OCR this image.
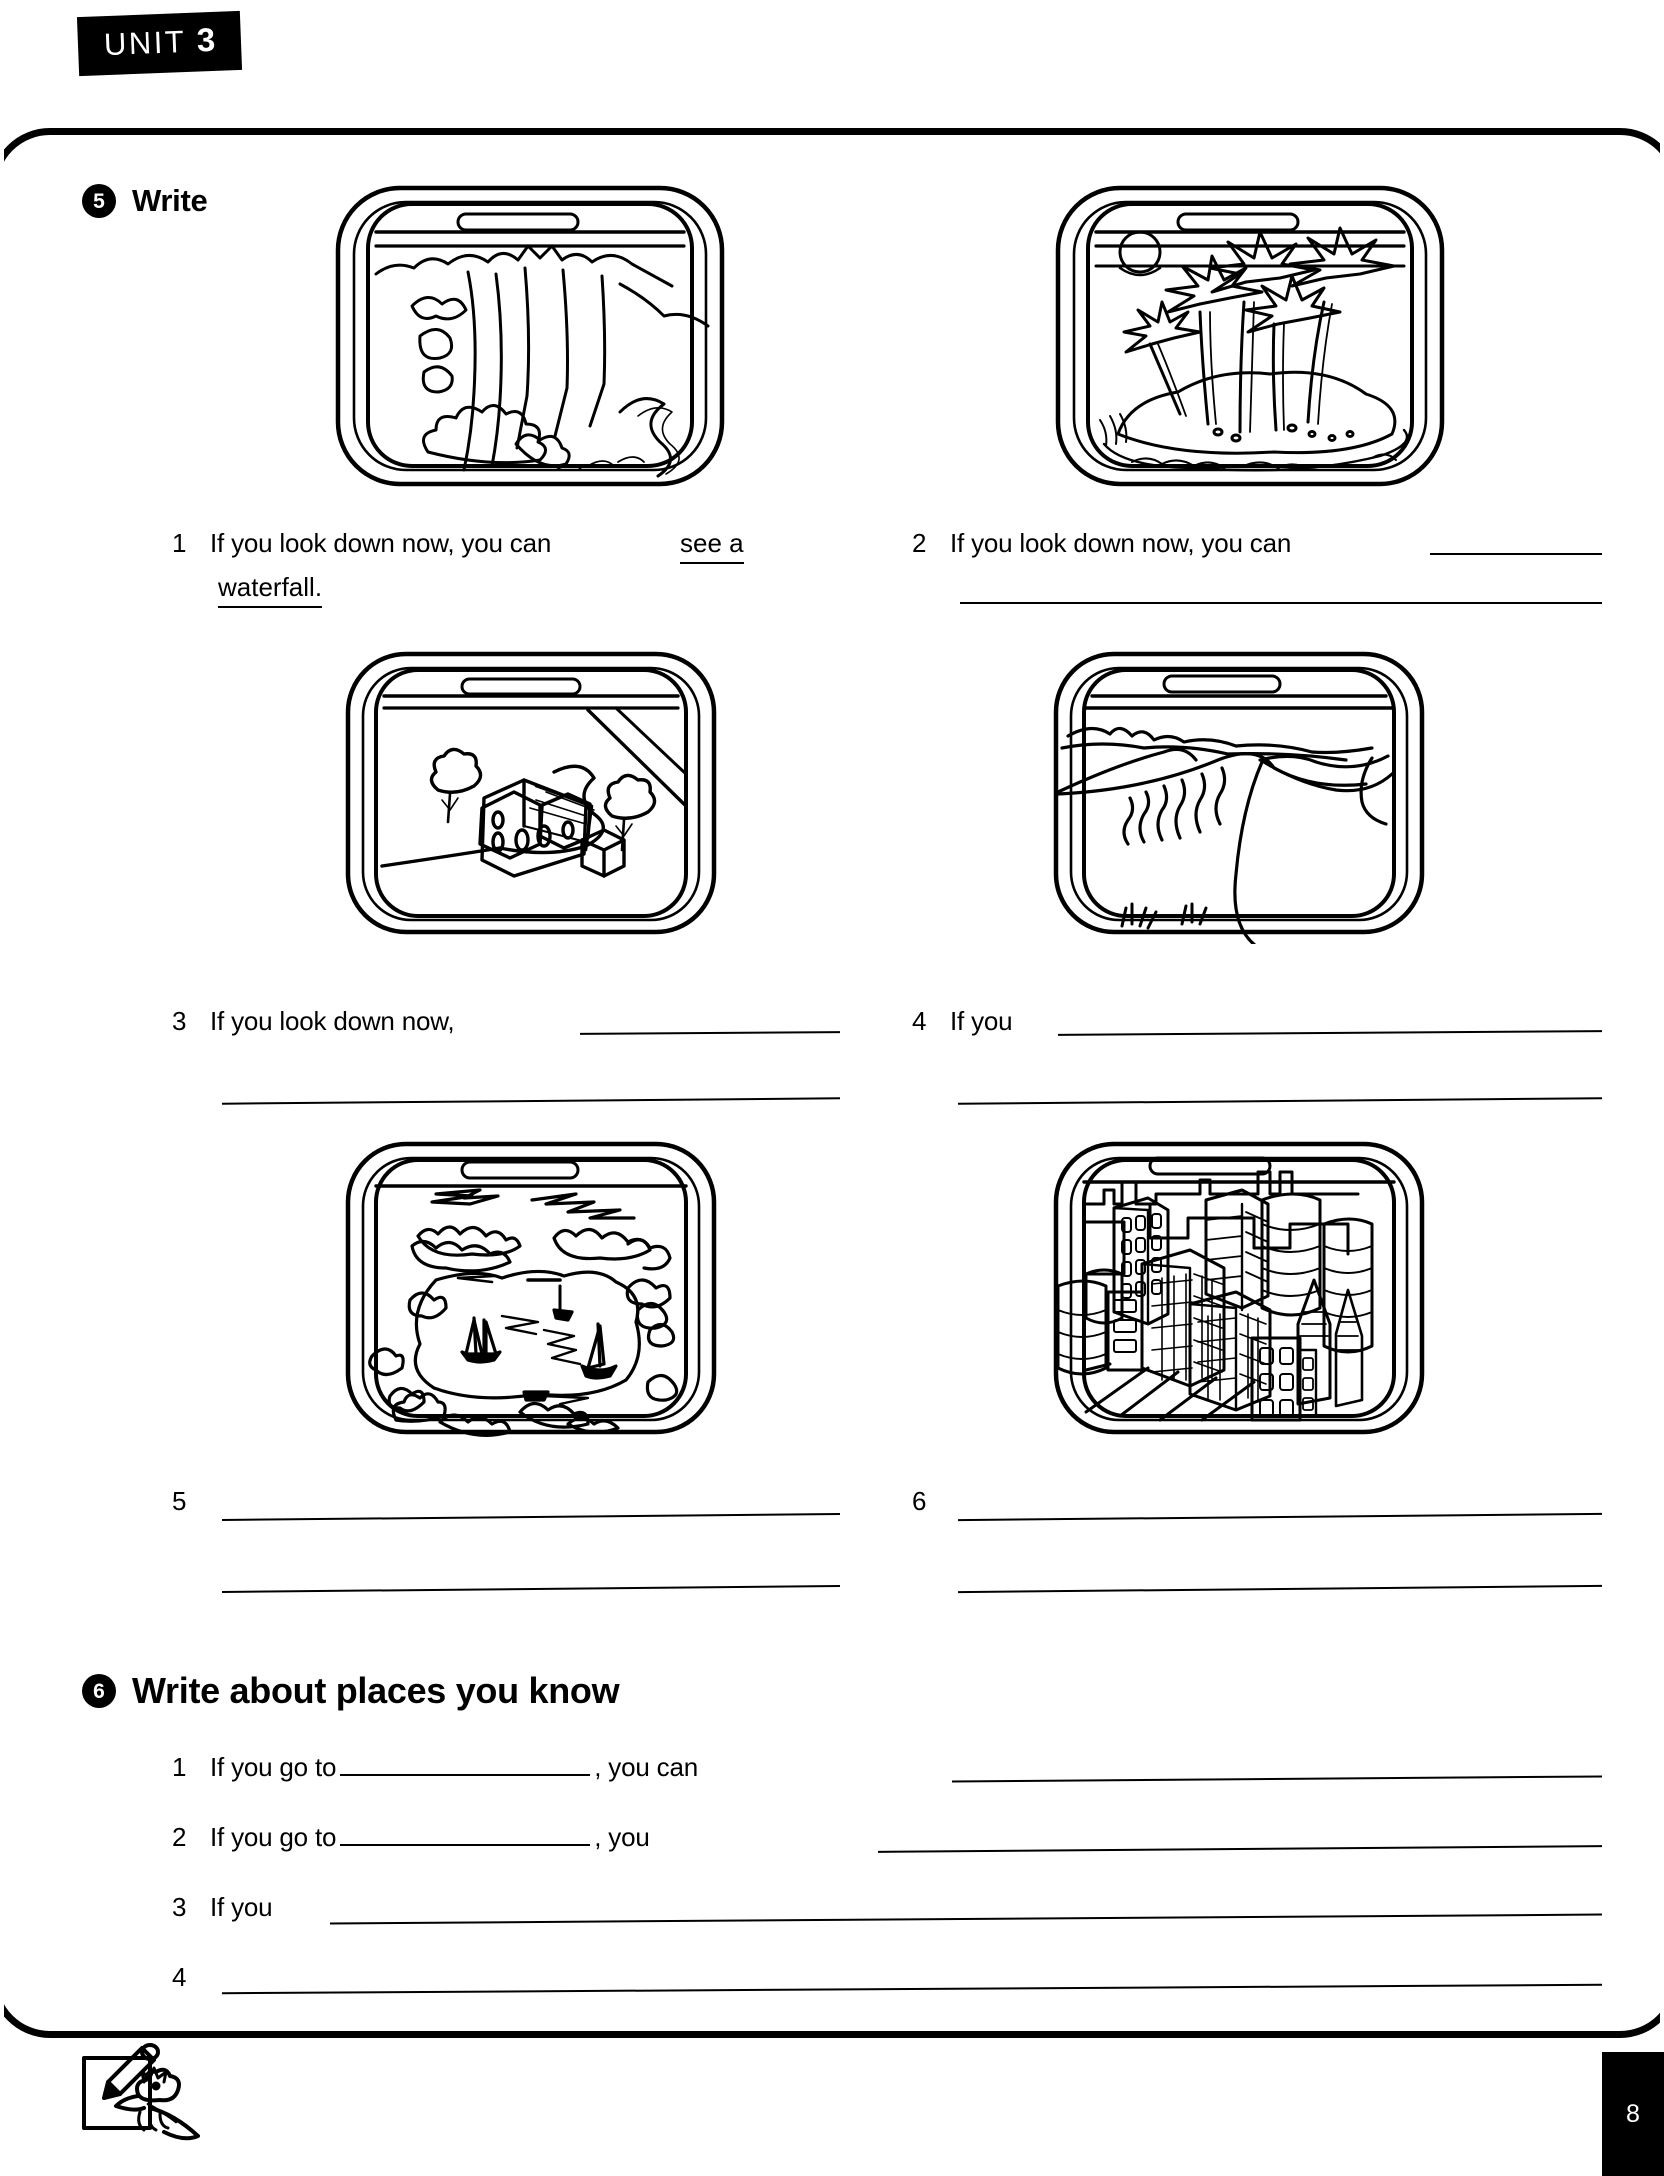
UNIT 3
5 Write
1 If you look down now, you can	see a
waterfall.
2 If you look down now, you can
3 If you look down now,	4 If you
5	6
6 Write about places you know
1 If you go to	, you can
2 If you go to	, you
3 If you
4
8
